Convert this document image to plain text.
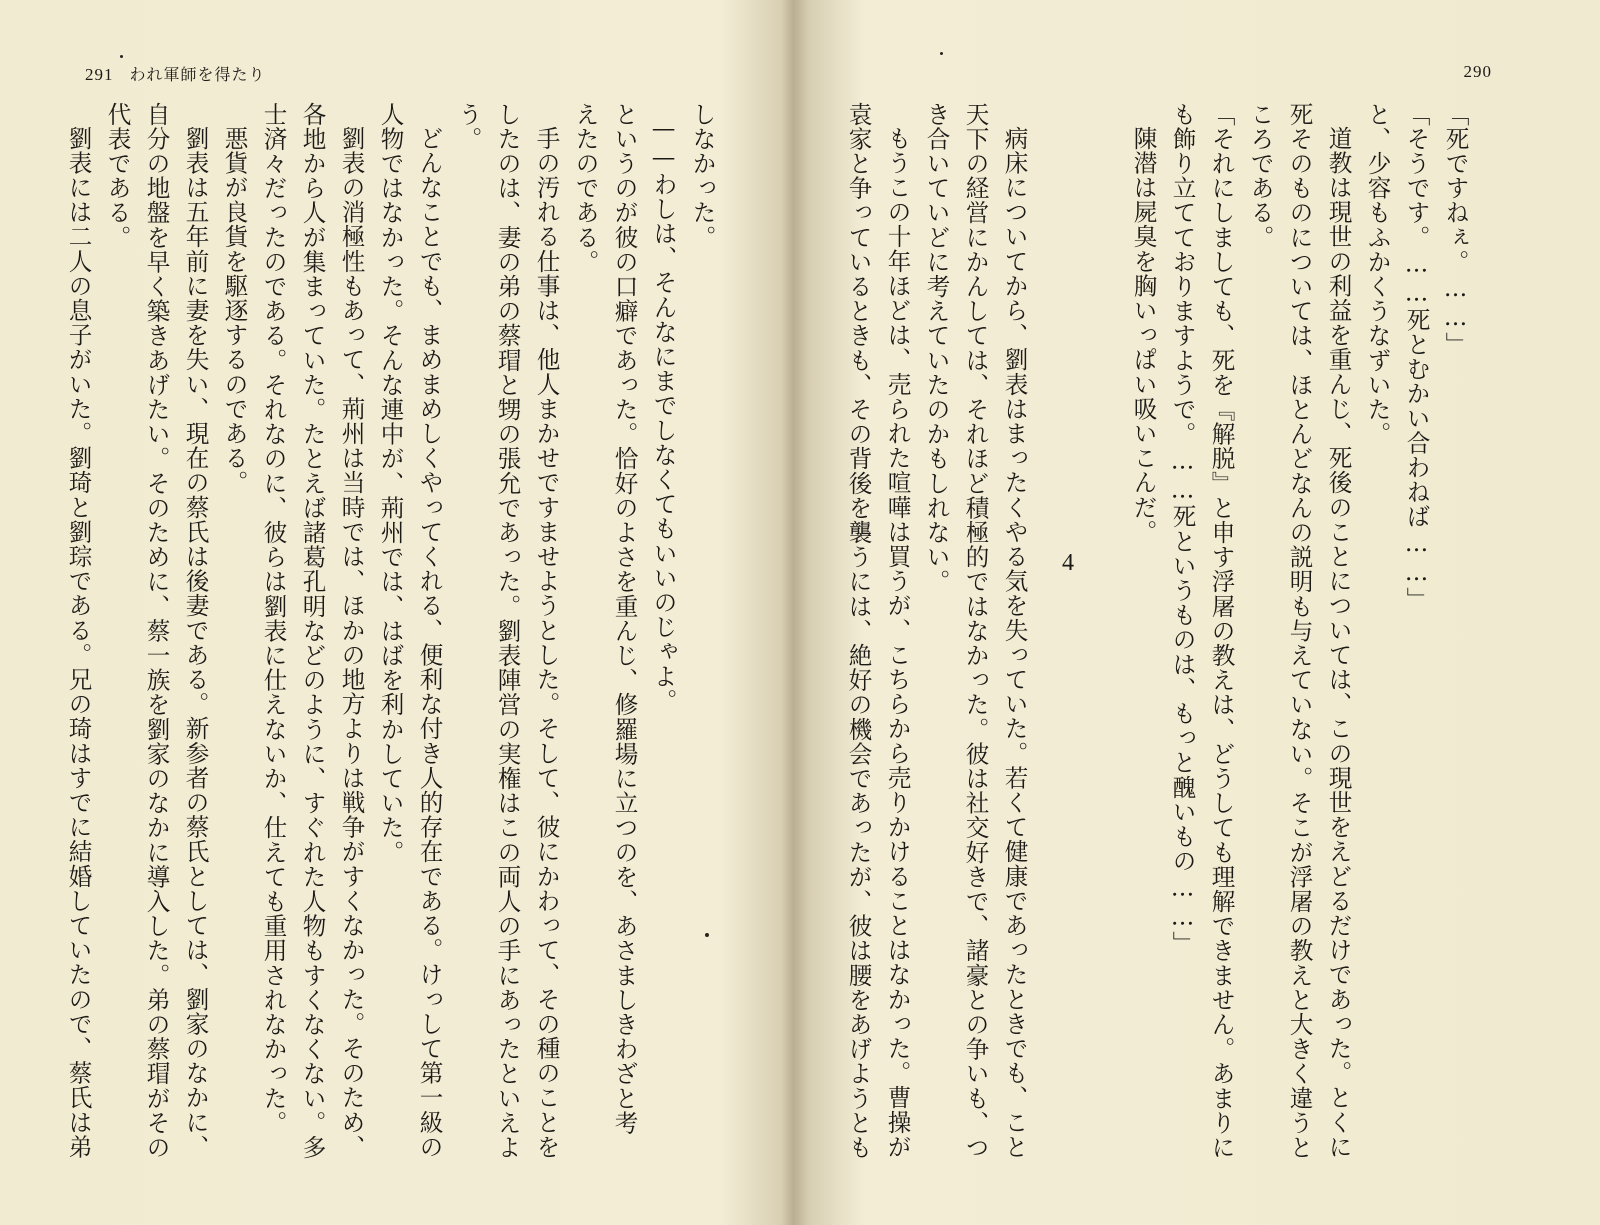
291 われ軍師を得たり
しなかった。
——わしは、そんなにまでしなくてもいいのじゃよ。
というのが彼の口癖であった。恰好のよさを重んじ、修羅場に立つのを、あさましきわざと考
えたのである。
手の汚れる仕事は、他人まかせですませようとした。そして、彼にかわって、その種のことを
したのは、妻の弟の蔡瑁と甥の張允であった。劉表陣営の実権はこの両人の手にあったといえよ
う。
どんなことでも、まめまめしくやってくれる、便利な付き人的存在である。けっして第一級の
人物ではなかった。そんな連中が、荊州では、はばを利かしていた。
劉表の消極性もあって、荊州は当時では、ほかの地方よりは戦争がすくなかった。そのため、
各地から人が集まっていた。たとえば諸葛孔明などのように、すぐれた人物もすくなくない。多
士済々だったのである。それなのに、彼らは劉表に仕えないか、仕えても重用されなかった。
悪貨が良貨を駆逐するのである。
劉表は五年前に妻を失い、現在の蔡氏は後妻である。新参者の蔡氏としては、劉家のなかに、
自分の地盤を早く築きあげたい。そのために、蔡一族を劉家のなかに導入した。弟の蔡瑁がその
代表である。
劉表には二人の息子がいた。劉琦と劉琮である。兄の琦はすでに結婚していたので、蔡氏は弟
290
「死ですねぇ。……」
「そうです。……死とむかい合わねば……」
と、少容もふかくうなずいた。
道教は現世の利益を重んじ、死後のことについては、この現世をえどるだけであった。とくに
死そのものについては、ほとんどなんの説明も与えていない。そこが浮屠の教えと大きく違うと
ころである。
「それにしましても、死を『解脱』と申す浮屠の教えは、どうしても理解できません。あまりに
も飾り立てておりますようで。……死というものは、もっと醜いもの……」
陳潜は屍臭を胸いっぱい吸いこんだ。
4
病床についてから、劉表はまったくやる気を失っていた。若くて健康であったときでも、こと
天下の経営にかんしては、それほど積極的ではなかった。彼は社交好きで、諸豪との争いも、つ
き合いていどに考えていたのかもしれない。
もうこの十年ほどは、売られた喧嘩は買うが、こちらから売りかけることはなかった。曹操が
袁家と争っているときも、その背後を襲うには、絶好の機会であったが、彼は腰をあげようとも
